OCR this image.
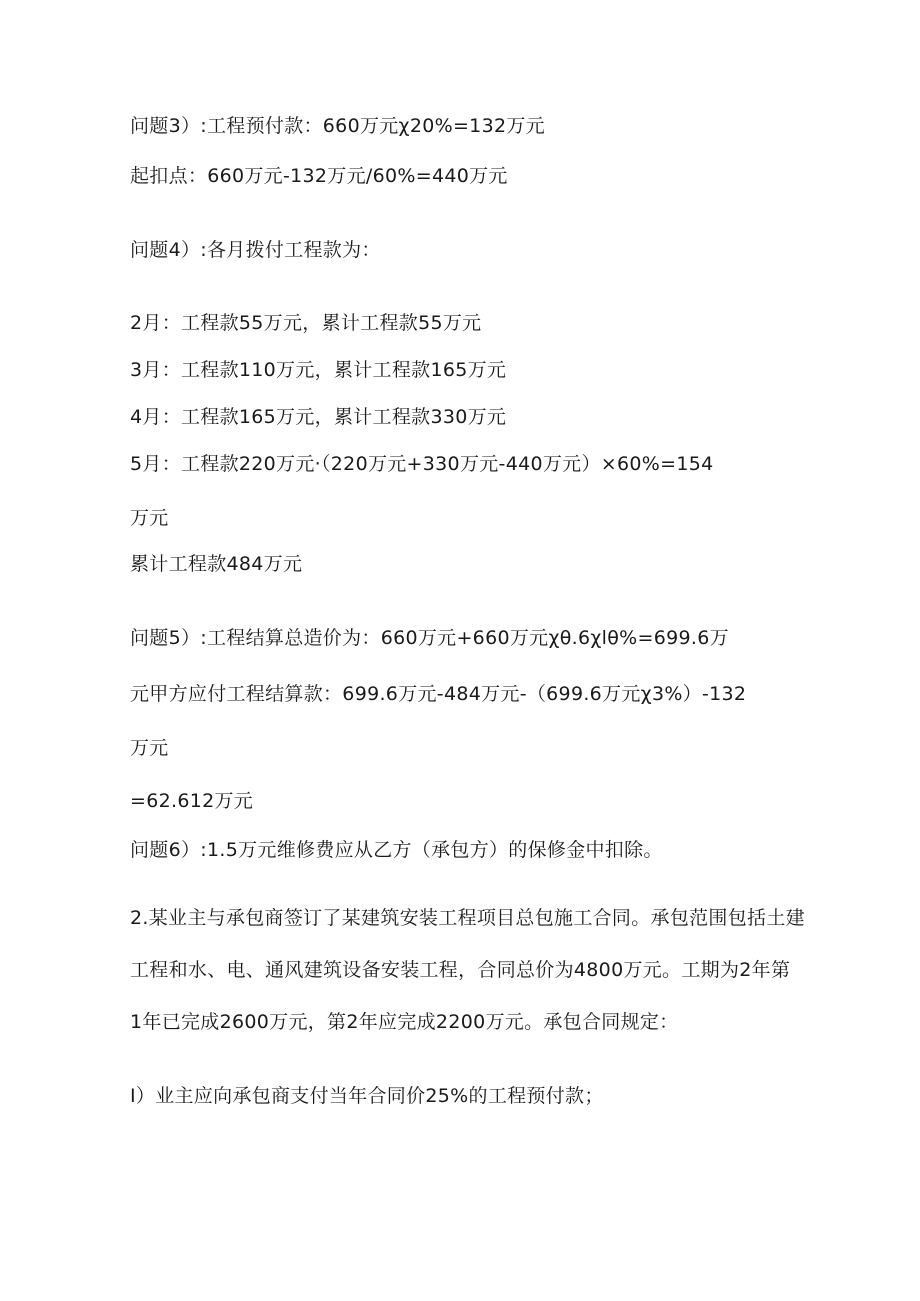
问题3）:工程预付款：660万元χ20%=132万元
起扣点：660万元-132万元/60%=440万元
问题4）:各月拨付工程款为：
2月：工程款55万元，累计工程款55万元
3月：工程款110万元，累计工程款165万元
4月：工程款165万元，累计工程款330万元
5月：工程款220万元·（220万元+330万元-440万元）×60%=154
万元
累计工程款484万元
问题5）:工程结算总造价为：660万元+660万元χθ.6χlθ%=699.6万
元甲方应付工程结算款：699.6万元-484万元-（699.6万元χ3%）-132
万元
=62.612万元
问题6）:1.5万元维修费应从乙方（承包方）的保修金中扣除。
2.某业主与承包商签订了某建筑安装工程项目总包施工合同。承包范围包括土建
工程和水、电、通风建筑设备安装工程，合同总价为4800万元。工期为2年第
1年已完成2600万元，第2年应完成2200万元。承包合同规定：
I）业主应向承包商支付当年合同价25%的工程预付款；
